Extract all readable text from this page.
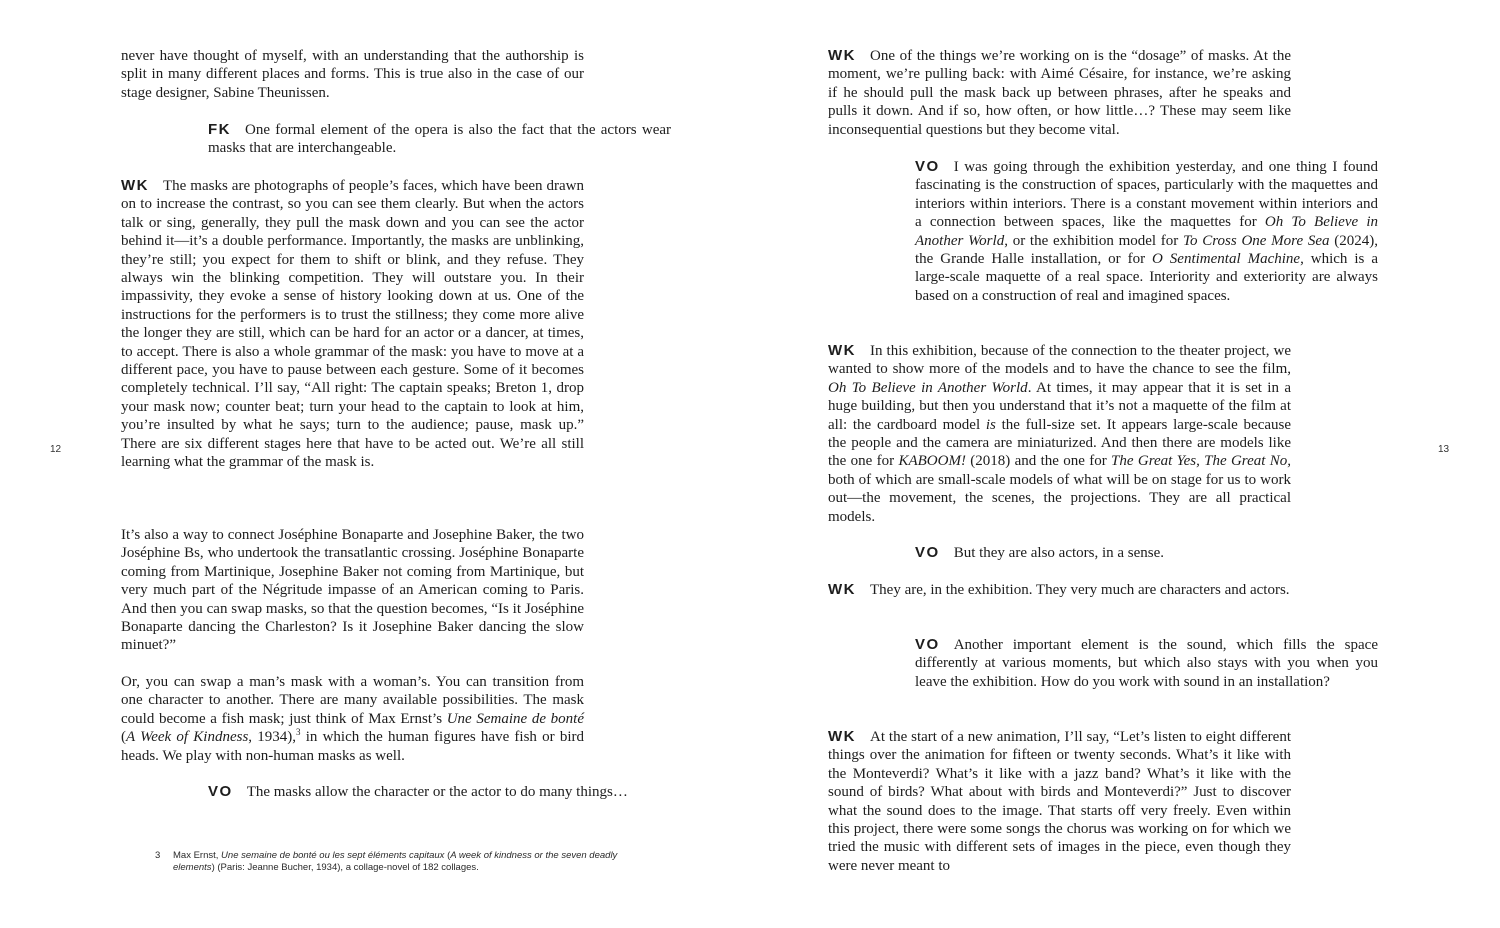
never have thought of myself, with an understanding that the authorship is split in many different places and forms. This is true also in the case of our stage designer, Sabine Theunissen.

FK One formal element of the opera is also the fact that the actors wear masks that are interchangeable.

WK The masks are photographs of people’s faces, which have been drawn on to increase the contrast, so you can see them clearly. But when the actors talk or sing, generally, they pull the mask down and you can see the actor behind it—it’s a double performance. Importantly, the masks are unblinking, they’re still; you expect for them to shift or blink, and they refuse. They always win the blinking competition. They will outstare you. In their impassivity, they evoke a sense of history looking down at us. One of the instructions for the performers is to trust the stillness; they come more alive the longer they are still, which can be hard for an actor or a dancer, at times, to accept. There is also a whole grammar of the mask: you have to move at a different pace, you have to pause between each gesture. Some of it becomes completely technical. I’ll say, “All right: The captain speaks; Breton 1, drop your mask now; counter beat; turn your head to the captain to look at him, you’re insulted by what he says; turn to the audience; pause, mask up.” There are six different stages here that have to be acted out. We’re all still learning what the grammar of the mask is.

It’s also a way to connect Joséphine Bonaparte and Josephine Baker, the two Joséphine Bs, who undertook the transatlantic crossing. Joséphine Bonaparte coming from Martinique, Josephine Baker not coming from Martinique, but very much part of the Négritude impasse of an American coming to Paris. And then you can swap masks, so that the question becomes, “Is it Joséphine Bonaparte dancing the Charleston? Is it Josephine Baker dancing the slow minuet?”

Or, you can swap a man’s mask with a woman’s. You can transition from one character to another. There are many available possibilities. The mask could become a fish mask; just think of Max Ernst’s Une Semaine de bonté (A Week of Kindness, 1934),$^3$ in which the human figures have fish or bird heads. We play with non-human masks as well.

VO The masks allow the character or the actor to do many things…

3 Max Ernst, Une semaine de bonté ou les sept éléments capitaux (A week of kindness or the seven deadly elements) (Paris: Jeanne Bucher, 1934), a collage-novel of 182 collages.
12

WK One of the things we’re working on is the “dosage” of masks. At the moment, we’re pulling back: with Aimé Césaire, for instance, we’re asking if he should pull the mask back up between phrases, after he speaks and pulls it down. And if so, how often, or how little…? These may seem like inconsequential questions but they become vital.

VO I was going through the exhibition yesterday, and one thing I found fascinating is the construction of spaces, particularly with the maquettes and interiors within interiors. There is a constant movement within interiors and a connection between spaces, like the maquettes for Oh To Believe in Another World, or the exhibition model for To Cross One More Sea (2024), the Grande Halle installation, or for O Sentimental Machine, which is a large-scale maquette of a real space. Interiority and exteriority are always based on a construction of real and imagined spaces.

WK In this exhibition, because of the connection to the theater project, we wanted to show more of the models and to have the chance to see the film, Oh To Believe in Another World. At times, it may appear that it is set in a huge building, but then you understand that it’s not a maquette of the film at all: the cardboard model is the full-size set. It appears large-scale because the people and the camera are miniaturized. And then there are models like the one for KABOOM! (2018) and the one for The Great Yes, The Great No, both of which are small-scale models of what will be on stage for us to work out—the movement, the scenes, the projections. They are all practical models.

VO But they are also actors, in a sense.

WK They are, in the exhibition. They very much are characters and actors.

VO Another important element is the sound, which fills the space differently at various moments, but which also stays with you when you leave the exhibition. How do you work with sound in an installation?

WK At the start of a new animation, I’ll say, “Let’s listen to eight different things over the animation for fifteen or twenty seconds. What’s it like with the Monteverdi? What’s it like with a jazz band? What’s it like with the sound of birds? What about with birds and Monteverdi?” Just to discover what the sound does to the image. That starts off very freely. Even within this project, there were some songs the chorus was working on for which we tried the music with different sets of images in the piece, even though they were never meant to

13
